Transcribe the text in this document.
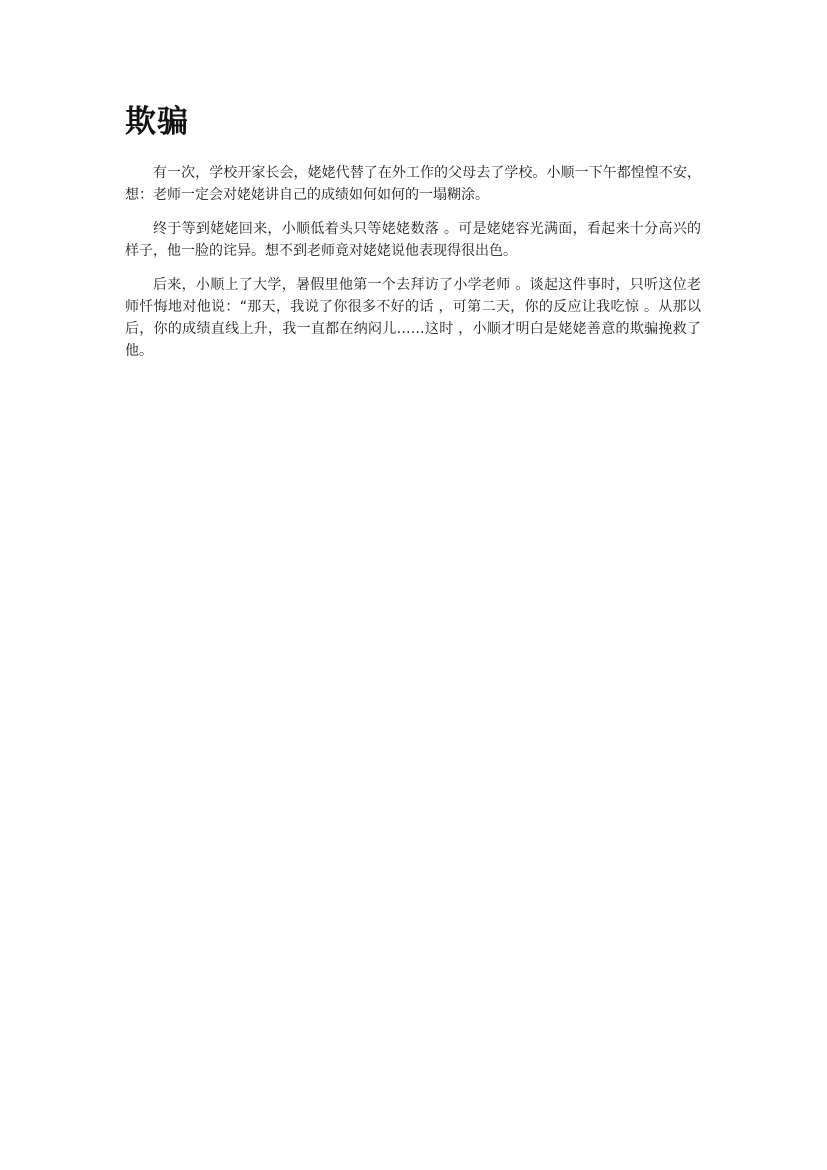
欺骗

有一次，学校开家长会，姥姥代替了在外工作的父母去了学校。小顺一下午都惶惶不安，想：老师一定会对姥姥讲自己的成绩如何如何的一塌糊涂。

终于等到姥姥回来，小顺低着头只等姥姥数落 。可是姥姥容光满面，看起来十分高兴的样子，他一脸的诧异。想不到老师竟对姥姥说他表现得很出色。

后来，小顺上了大学，暑假里他第一个去拜访了小学老师 。谈起这件事时，只听这位老师忏悔地对他说：“那天，我说了你很多不好的话 ，可第二天，你的反应让我吃惊 。从那以后，你的成绩直线上升，我一直都在纳闷儿……这时 ，小顺才明白是姥姥善意的欺骗挽救了他。
